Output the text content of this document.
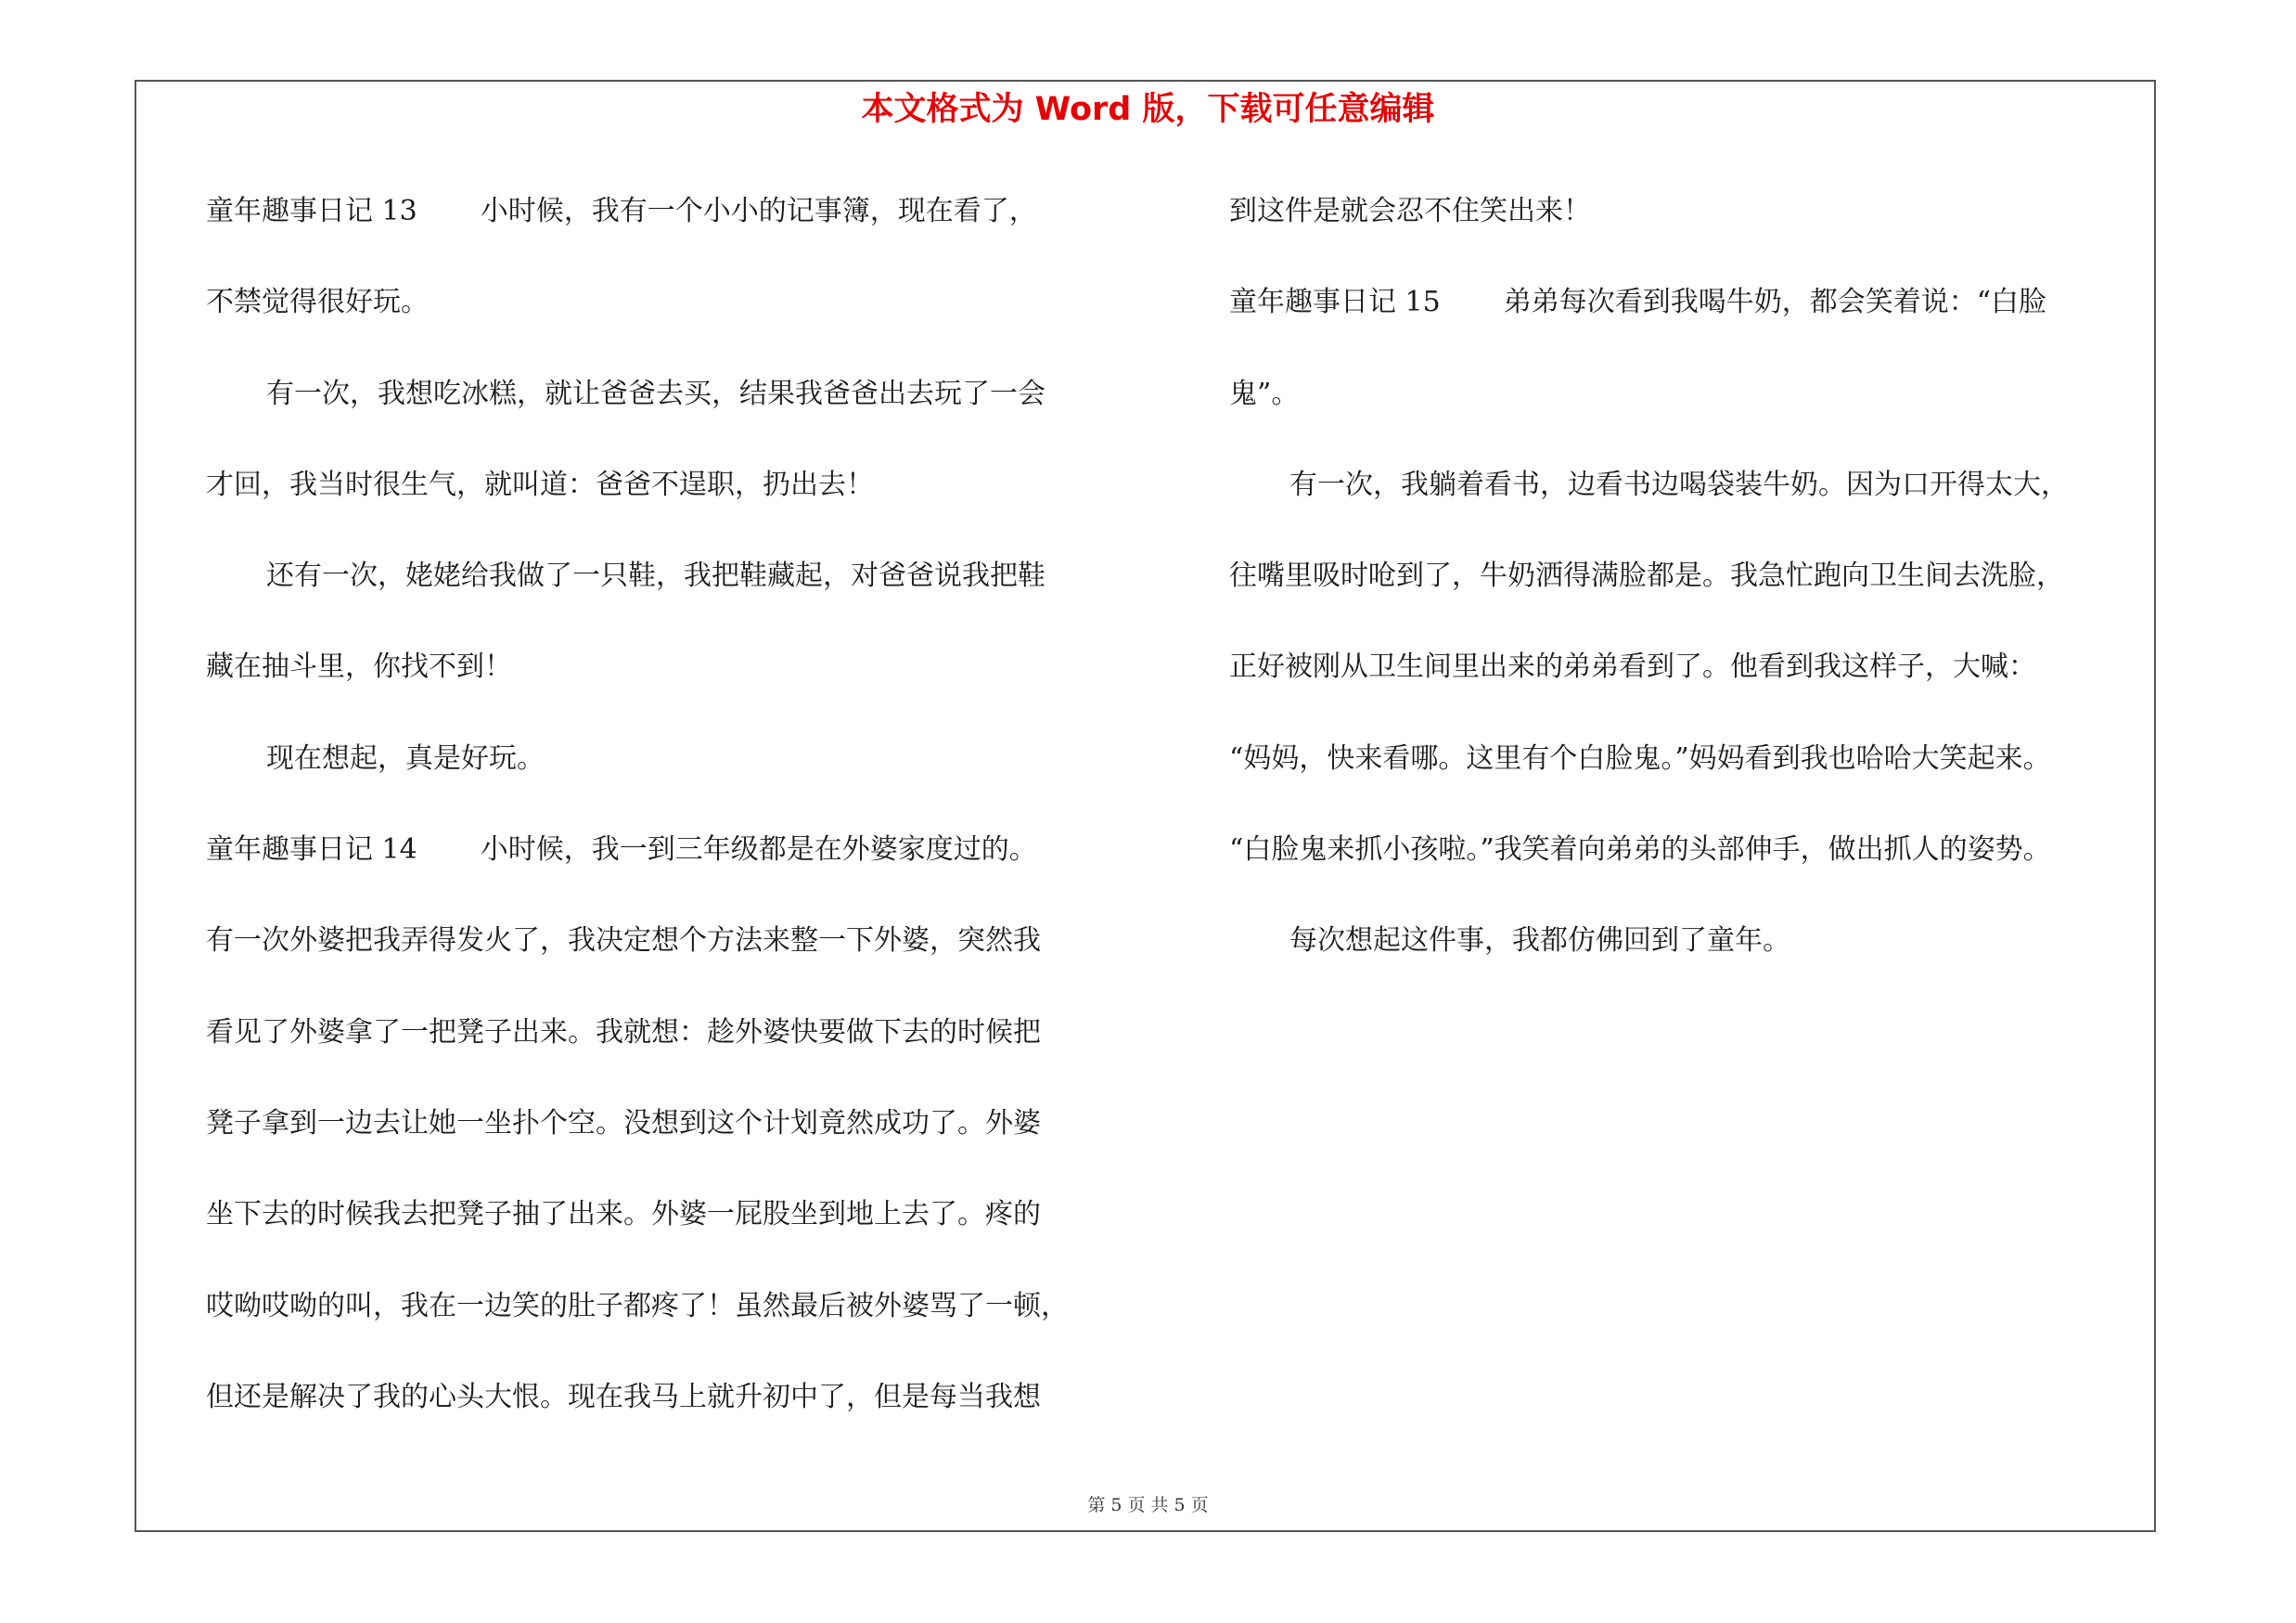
本文格式为 Word 版，下载可任意编辑
童年趣事日记 13 小时候，我有一个小小的记事簿，现在看了，
不禁觉得很好玩。
有一次，我想吃冰糕，就让爸爸去买，结果我爸爸出去玩了一会
才回，我当时很生气，就叫道：爸爸不逞职，扔出去！
还有一次，姥姥给我做了一只鞋，我把鞋藏起，对爸爸说我把鞋
藏在抽斗里，你找不到！
现在想起，真是好玩。
童年趣事日记 14 小时候，我一到三年级都是在外婆家度过的。
有一次外婆把我弄得发火了，我决定想个方法来整一下外婆，突然我
看见了外婆拿了一把凳子出来。我就想：趁外婆快要做下去的时候把
凳子拿到一边去让她一坐扑个空。没想到这个计划竟然成功了。外婆
坐下去的时候我去把凳子抽了出来。外婆一屁股坐到地上去了。疼的
哎呦哎呦的叫，我在一边笑的肚子都疼了！虽然最后被外婆骂了一顿，
但还是解决了我的心头大恨。现在我马上就升初中了，但是每当我想
到这件是就会忍不住笑出来！
童年趣事日记 15 弟弟每次看到我喝牛奶，都会笑着说：“白脸
鬼”。
有一次，我躺着看书，边看书边喝袋装牛奶。因为口开得太大，
往嘴里吸时呛到了，牛奶洒得满脸都是。我急忙跑向卫生间去洗脸，
正好被刚从卫生间里出来的弟弟看到了。他看到我这样子，大喊：
“妈妈，快来看哪。这里有个白脸鬼。”妈妈看到我也哈哈大笑起来。
“白脸鬼来抓小孩啦。”我笑着向弟弟的头部伸手，做出抓人的姿势。
每次想起这件事，我都仿佛回到了童年。
第 5 页 共 5 页
